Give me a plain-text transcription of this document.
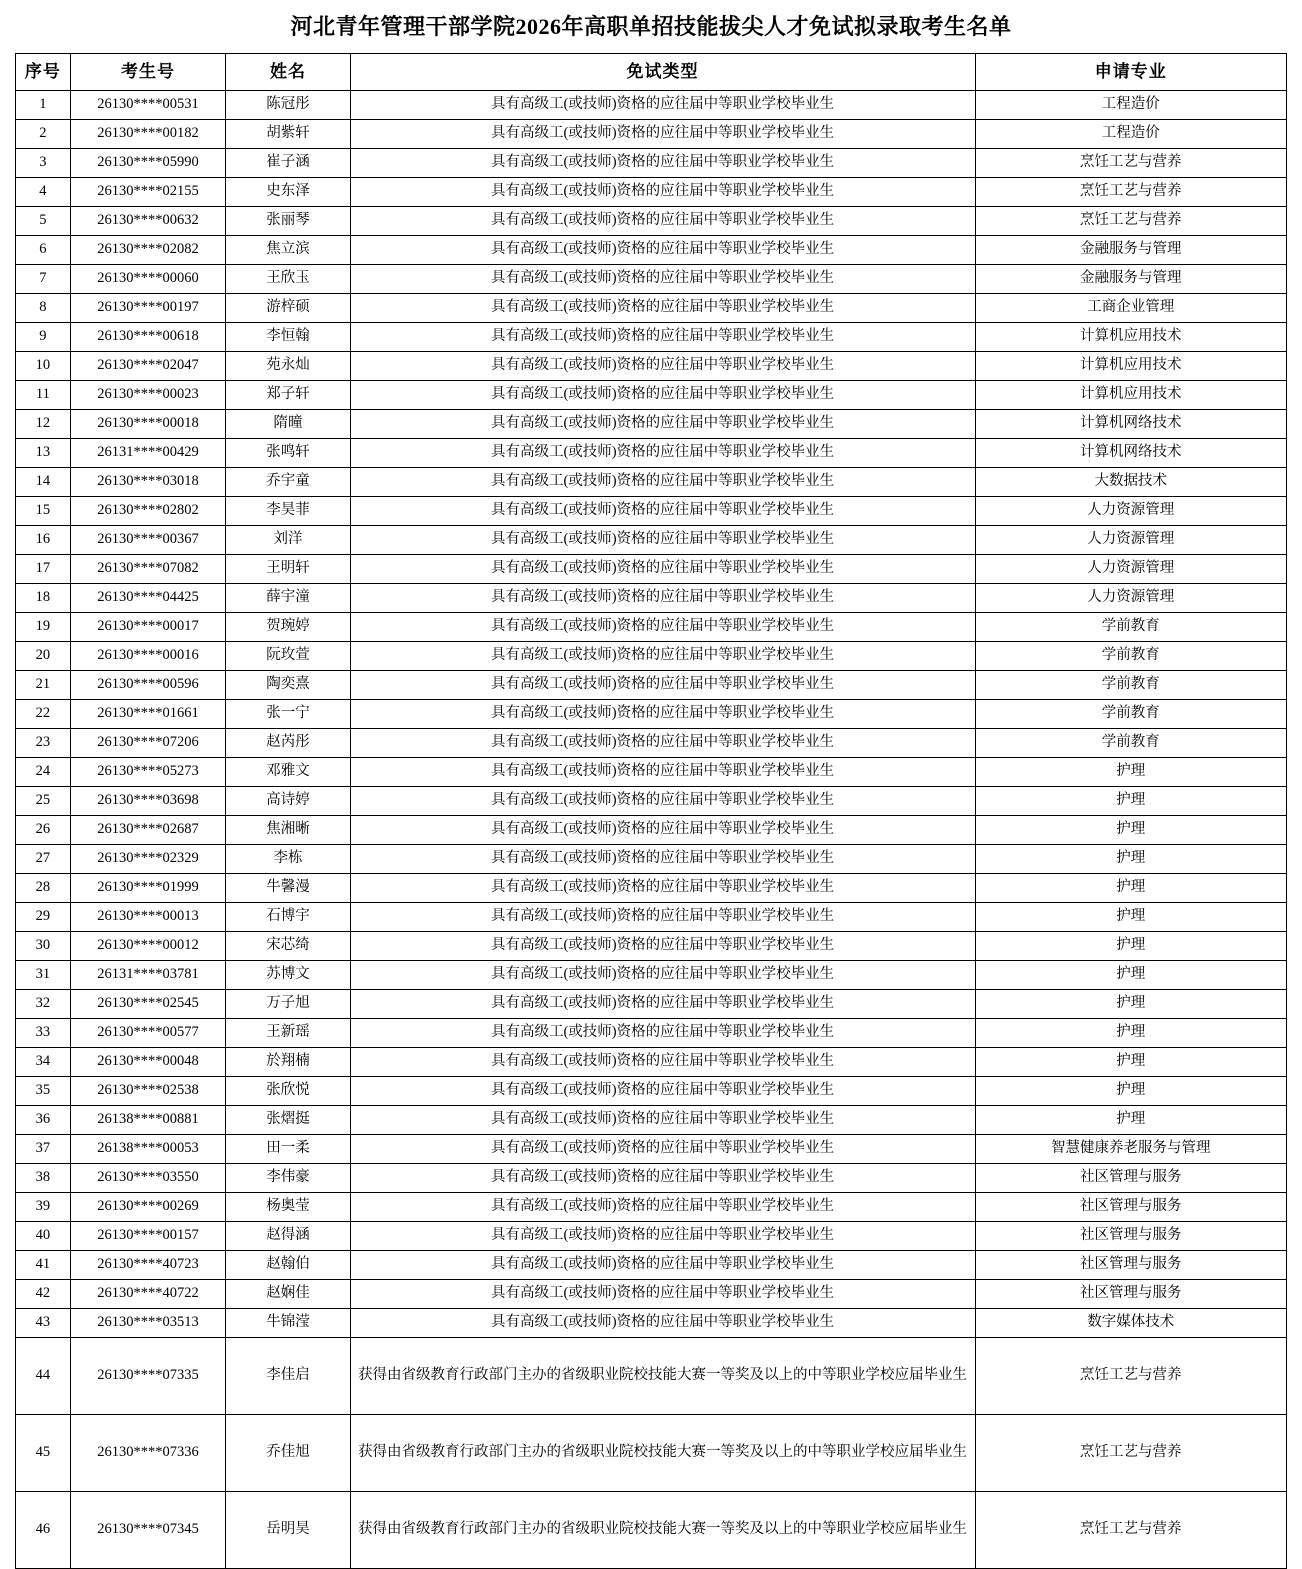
河北青年管理干部学院2026年高职单招技能拔尖人才免试拟录取考生名单
序号	考生号	姓名	免试类型	申请专业
1	26130****00531	陈冠彤	具有高级工(或技师)资格的应往届中等职业学校毕业生	工程造价
2	26130****00182	胡紫轩	具有高级工(或技师)资格的应往届中等职业学校毕业生	工程造价
3	26130****05990	崔子涵	具有高级工(或技师)资格的应往届中等职业学校毕业生	烹饪工艺与营养
4	26130****02155	史东泽	具有高级工(或技师)资格的应往届中等职业学校毕业生	烹饪工艺与营养
5	26130****00632	张丽琴	具有高级工(或技师)资格的应往届中等职业学校毕业生	烹饪工艺与营养
6	26130****02082	焦立滨	具有高级工(或技师)资格的应往届中等职业学校毕业生	金融服务与管理
7	26130****00060	王欣玉	具有高级工(或技师)资格的应往届中等职业学校毕业生	金融服务与管理
8	26130****00197	游梓硕	具有高级工(或技师)资格的应往届中等职业学校毕业生	工商企业管理
9	26130****00618	李恒翰	具有高级工(或技师)资格的应往届中等职业学校毕业生	计算机应用技术
10	26130****02047	苑永灿	具有高级工(或技师)资格的应往届中等职业学校毕业生	计算机应用技术
11	26130****00023	郑子轩	具有高级工(或技师)资格的应往届中等职业学校毕业生	计算机应用技术
12	26130****00018	隋曈	具有高级工(或技师)资格的应往届中等职业学校毕业生	计算机网络技术
13	26131****00429	张鸣轩	具有高级工(或技师)资格的应往届中等职业学校毕业生	计算机网络技术
14	26130****03018	乔宇童	具有高级工(或技师)资格的应往届中等职业学校毕业生	大数据技术
15	26130****02802	李昊菲	具有高级工(或技师)资格的应往届中等职业学校毕业生	人力资源管理
16	26130****00367	刘洋	具有高级工(或技师)资格的应往届中等职业学校毕业生	人力资源管理
17	26130****07082	王明轩	具有高级工(或技师)资格的应往届中等职业学校毕业生	人力资源管理
18	26130****04425	薛宇潼	具有高级工(或技师)资格的应往届中等职业学校毕业生	人力资源管理
19	26130****00017	贺琬婷	具有高级工(或技师)资格的应往届中等职业学校毕业生	学前教育
20	26130****00016	阮玫萱	具有高级工(或技师)资格的应往届中等职业学校毕业生	学前教育
21	26130****00596	陶奕熹	具有高级工(或技师)资格的应往届中等职业学校毕业生	学前教育
22	26130****01661	张一宁	具有高级工(或技师)资格的应往届中等职业学校毕业生	学前教育
23	26130****07206	赵芮彤	具有高级工(或技师)资格的应往届中等职业学校毕业生	学前教育
24	26130****05273	邓雅文	具有高级工(或技师)资格的应往届中等职业学校毕业生	护理
25	26130****03698	高诗婷	具有高级工(或技师)资格的应往届中等职业学校毕业生	护理
26	26130****02687	焦湘晰	具有高级工(或技师)资格的应往届中等职业学校毕业生	护理
27	26130****02329	李栋	具有高级工(或技师)资格的应往届中等职业学校毕业生	护理
28	26130****01999	牛馨漫	具有高级工(或技师)资格的应往届中等职业学校毕业生	护理
29	26130****00013	石博宇	具有高级工(或技师)资格的应往届中等职业学校毕业生	护理
30	26130****00012	宋芯绮	具有高级工(或技师)资格的应往届中等职业学校毕业生	护理
31	26131****03781	苏博文	具有高级工(或技师)资格的应往届中等职业学校毕业生	护理
32	26130****02545	万子旭	具有高级工(或技师)资格的应往届中等职业学校毕业生	护理
33	26130****00577	王新瑶	具有高级工(或技师)资格的应往届中等职业学校毕业生	护理
34	26130****00048	於翔楠	具有高级工(或技师)资格的应往届中等职业学校毕业生	护理
35	26130****02538	张欣悦	具有高级工(或技师)资格的应往届中等职业学校毕业生	护理
36	26138****00881	张熠挺	具有高级工(或技师)资格的应往届中等职业学校毕业生	护理
37	26138****00053	田一柔	具有高级工(或技师)资格的应往届中等职业学校毕业生	智慧健康养老服务与管理
38	26130****03550	李伟豪	具有高级工(或技师)资格的应往届中等职业学校毕业生	社区管理与服务
39	26130****00269	杨奥莹	具有高级工(或技师)资格的应往届中等职业学校毕业生	社区管理与服务
40	26130****00157	赵得涵	具有高级工(或技师)资格的应往届中等职业学校毕业生	社区管理与服务
41	26130****40723	赵翰伯	具有高级工(或技师)资格的应往届中等职业学校毕业生	社区管理与服务
42	26130****40722	赵娴佳	具有高级工(或技师)资格的应往届中等职业学校毕业生	社区管理与服务
43	26130****03513	牛锦滢	具有高级工(或技师)资格的应往届中等职业学校毕业生	数字媒体技术
44	26130****07335	李佳启	获得由省级教育行政部门主办的省级职业院校技能大赛一等奖及以上的中等职业学校应届毕业生	烹饪工艺与营养
45	26130****07336	乔佳旭	获得由省级教育行政部门主办的省级职业院校技能大赛一等奖及以上的中等职业学校应届毕业生	烹饪工艺与营养
46	26130****07345	岳明昊	获得由省级教育行政部门主办的省级职业院校技能大赛一等奖及以上的中等职业学校应届毕业生	烹饪工艺与营养
